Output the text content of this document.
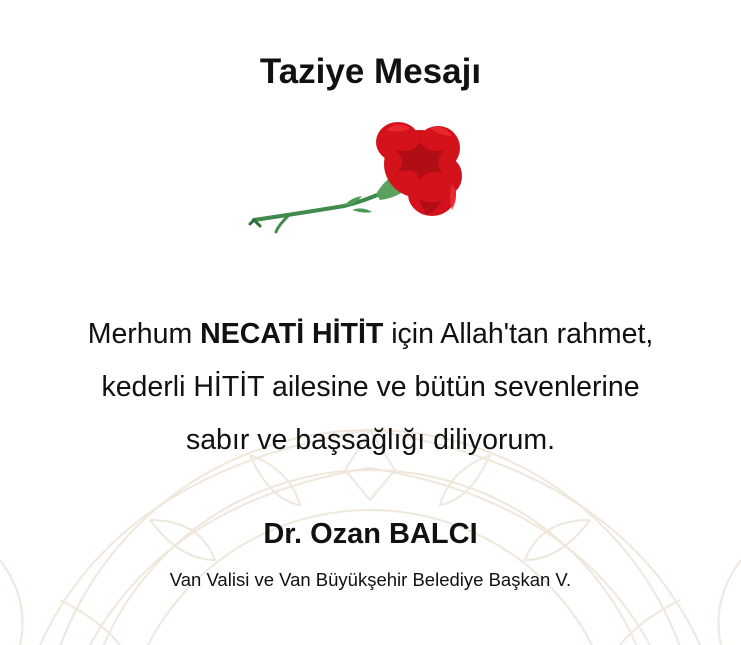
Taziye Mesajı
Merhum NECATİ HİTİT için Allah'tan rahmet,
kederli HİTİT ailesine ve bütün sevenlerine
sabır ve başsağlığı diliyorum.
Dr. Ozan BALCI
Van Valisi ve Van Büyükşehir Belediye Başkan V.
